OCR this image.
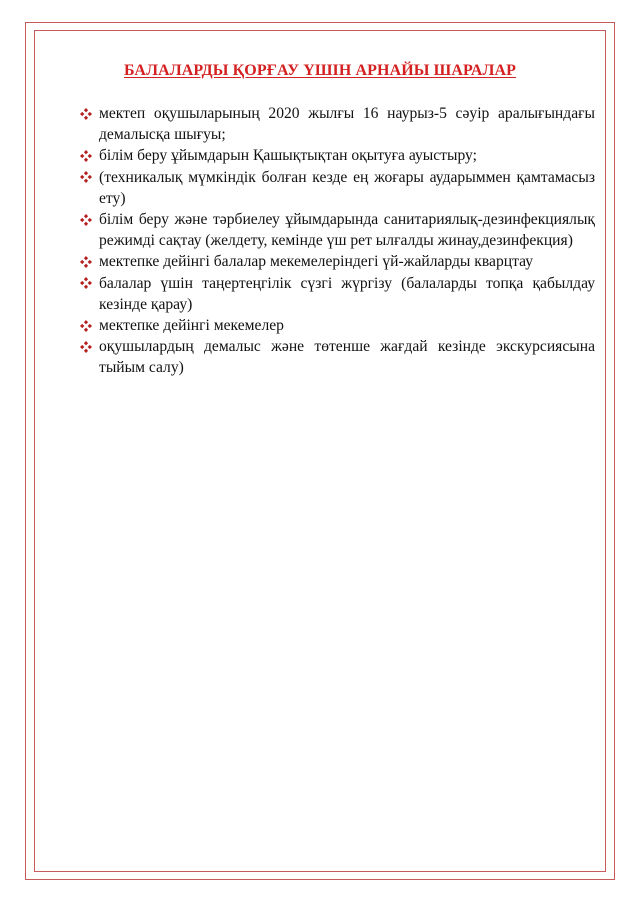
БАЛАЛАРДЫ ҚОРҒАУ ҮШІН АРНАЙЫ ШАРАЛАР
мектеп оқушыларының 2020 жылғы 16 наурыз-5 сәуір аралығындағы демалысқа шығуы;
білім беру ұйымдарын Қашықтықтан оқытуға ауыстыру;
(техникалық мүмкіндік болған кезде ең жоғары аударыммен қамтамасыз ету)
білім беру және тәрбиелеу ұйымдарында санитариялық-дезинфекциялық режимді сақтау (желдету, кемінде үш рет ылғалды жинау,дезинфекция)
мектепке дейінгі балалар мекемелеріндегі үй-жайларды кварцтау
балалар үшін таңертеңгілік сүзгі жүргізу (балаларды топқа қабылдау кезінде қарау)
мектепке дейінгі мекемелер
оқушылардың демалыс және төтенше жағдай кезінде экскурсиясына тыйым салу)
